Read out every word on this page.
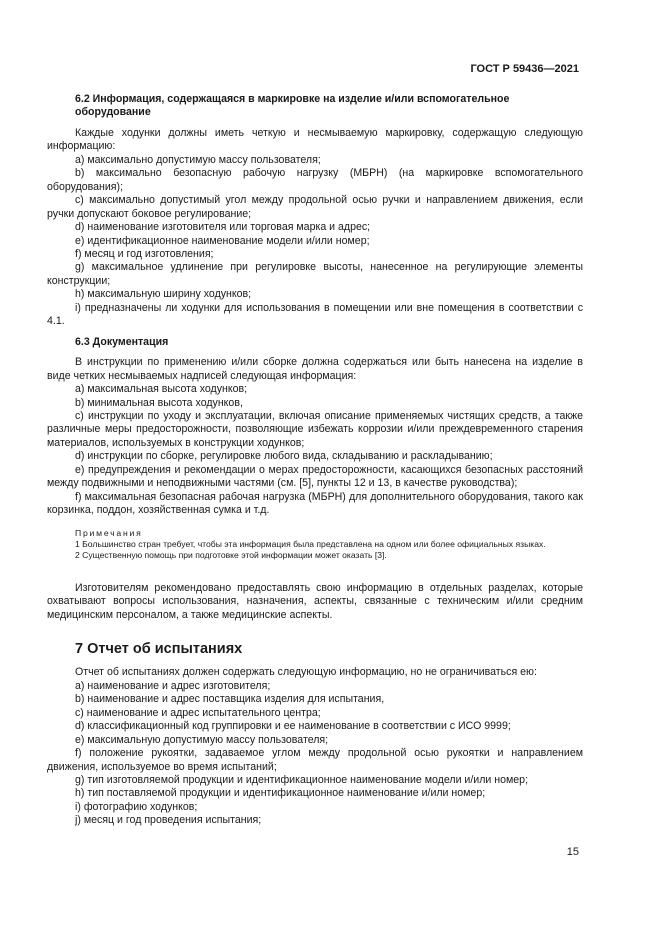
ГОСТ Р 59436—2021

6.2 Информация, содержащаяся в маркировке на изделие и/или вспомогательное оборудование

Каждые ходунки должны иметь четкую и несмываемую маркировку, содержащую следующую информацию:

a) максимально допустимую массу пользователя;

b) максимально безопасную рабочую нагрузку (МБРН) (на маркировке вспомогательного оборудования);

c) максимально допустимый угол между продольной осью ручки и направлением движения, если ручки допускают боковое регулирование;

d) наименование изготовителя или торговая марка и адрес;

e) идентификационное наименование модели и/или номер;

f) месяц и год изготовления;

g) максимальное удлинение при регулировке высоты, нанесенное на регулирующие элементы конструкции;

h) максимальную ширину ходунков;

i) предназначены ли ходунки для использования в помещении или вне помещения в соответствии с 4.1.

6.3 Документация

В инструкции по применению и/или сборке должна содержаться или быть нанесена на изделие в виде четких несмываемых надписей следующая информация:

a) максимальная высота ходунков;

b) минимальная высота ходунков,

c) инструкции по уходу и эксплуатации, включая описание применяемых чистящих средств, а также различные меры предосторожности, позволяющие избежать коррозии и/или преждевременного старения материалов, используемых в конструкции ходунков;

d) инструкции по сборке, регулировке любого вида, складыванию и раскладыванию;

e) предупреждения и рекомендации о мерах предосторожности, касающихся безопасных расстояний между подвижными и неподвижными частями (см. [5], пункты 12 и 13, в качестве руководства);

f) максимальная безопасная рабочая нагрузка (МБРН) для дополнительного оборудования, такого как корзинка, поддон, хозяйственная сумка и т.д.

Примечания

1 Большинство стран требует, чтобы эта информация была представлена на одном или более официальных языках.

2 Существенную помощь при подготовке этой информации может оказать [3].

Изготовителям рекомендовано предоставлять свою информацию в отдельных разделах, которые охватывают вопросы использования, назначения, аспекты, связанные с техническим и/или средним медицинским персоналом, а также медицинские аспекты.

7 Отчет об испытаниях

Отчет об испытаниях должен содержать следующую информацию, но не ограничиваться ею:

a) наименование и адрес изготовителя;

b) наименование и адрес поставщика изделия для испытания,

c) наименование и адрес испытательного центра;

d) классификационный код группировки и ее наименование в соответствии с ИСО 9999;

e) максимальную допустимую массу пользователя;

f) положение рукоятки, задаваемое углом между продольной осью рукоятки и направлением движения, используемое во время испытаний;

g) тип изготовляемой продукции и идентификационное наименование модели и/или номер;

h) тип поставляемой продукции и идентификационное наименование и/или номер;

i) фотографию ходунков;

j) месяц и год проведения испытания;

15
